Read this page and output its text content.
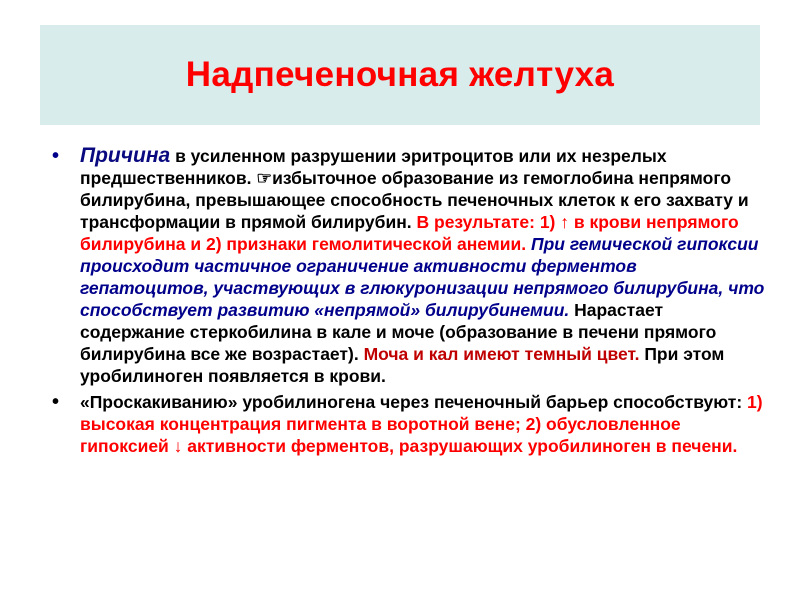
Надпеченочная желтуха
• Причина в усиленном разрушении эритроцитов или их незрелых предшественников. ☞избыточное образование из гемоглобина непрямого билирубина, превышающее способность печеночных клеток к его захвату и трансформации в прямой билирубин. В результате: 1) ↑ в крови непрямого билирубина и 2) признаки гемолитической анемии. При гемической гипоксии происходит частичное ограничение активности ферментов гепатоцитов, участвующих в глюкуронизации непрямого билирубина, что способствует развитию «непрямой» билирубинемии. Нарастает содержание стеркобилина в кале и моче (образование в печени прямого билирубина все же возрастает). Моча и кал имеют темный цвет. При этом уробилиноген появляется в крови.
• «Проскакиванию» уробилиногена через печеночный барьер способствуют: 1) высокая концентрация пигмента в воротной вене; 2) обусловленное гипоксией ↓ активности ферментов, разрушающих уробилиноген в печени.
